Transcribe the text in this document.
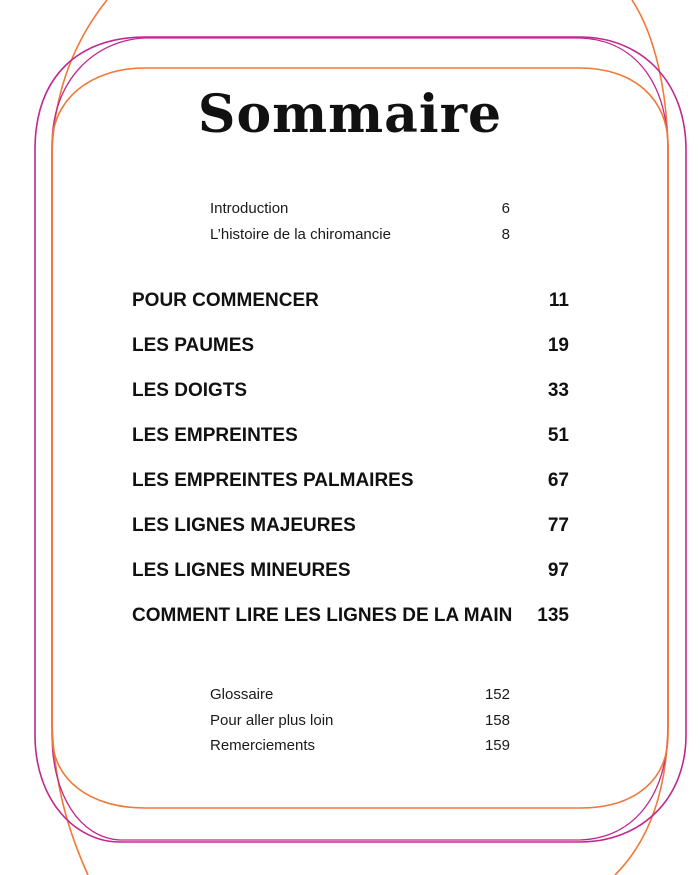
Sommaire
Introduction	6
L’histoire de la chiromancie	8
POUR COMMENCER	11
LES PAUMES	19
LES DOIGTS	33
LES EMPREINTES	51
LES EMPREINTES PALMAIRES	67
LES LIGNES MAJEURES	77
LES LIGNES MINEURES	97
COMMENT LIRE LES LIGNES DE LA MAIN 135
Glossaire	152
Pour aller plus loin	158
Remerciements	159
